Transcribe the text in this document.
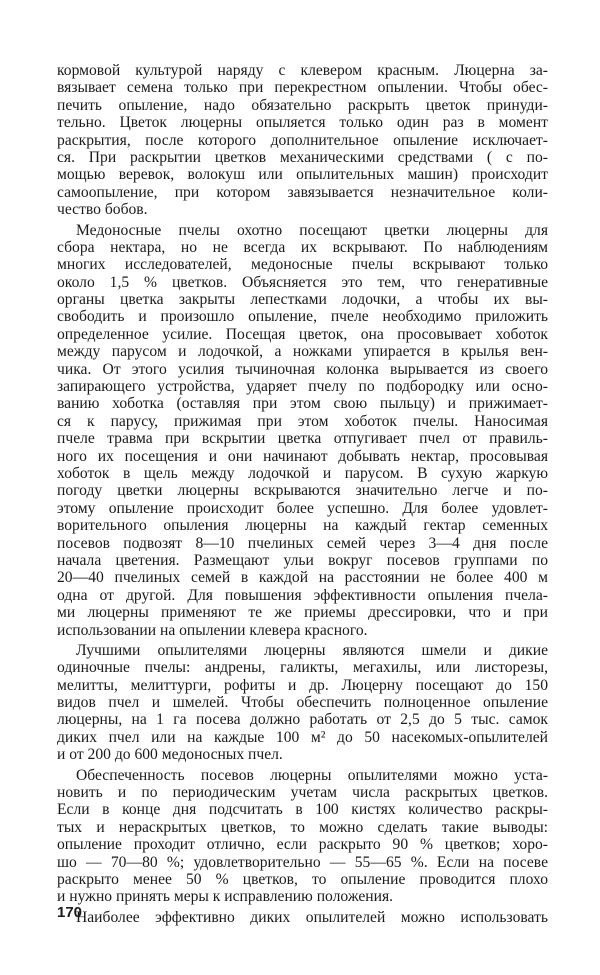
кормовой культурой наряду с клевером красным. Люцерна за-
вязывает семена только при перекрестном опылении. Чтобы обес-
печить опыление, надо обязательно раскрыть цветок принуди-
тельно. Цветок люцерны опыляется только один раз в момент
раскрытия, после которого дополнительное опыление исключает-
ся. При раскрытии цветков механическими средствами ( с по-
мощью веревок, волокуш или опылительных машин) происходит
самоопыление, при котором завязывается незначительное коли-
чество бобов.
Медоносные пчелы охотно посещают цветки люцерны для
сбора нектара, но не всегда их вскрывают. По наблюдениям
многих исследователей, медоносные пчелы вскрывают только
около 1,5 % цветков. Объясняется это тем, что генеративные
органы цветка закрыты лепестками лодочки, а чтобы их вы-
свободить и произошло опыление, пчеле необходимо приложить
определенное усилие. Посещая цветок, она просовывает хоботок
между парусом и лодочкой, а ножками упирается в крылья вен-
чика. От этого усилия тычиночная колонка вырывается из своего
запирающего устройства, ударяет пчелу по подбородку или осно-
ванию хоботка (оставляя при этом свою пыльцу) и прижимает-
ся к парусу, прижимая при этом хоботок пчелы. Наносимая
пчеле травма при вскрытии цветка отпугивает пчел от правиль-
ного их посещения и они начинают добывать нектар, просовывая
хоботок в щель между лодочкой и парусом. В сухую жаркую
погоду цветки люцерны вскрываются значительно легче и по-
этому опыление происходит более успешно. Для более удовлет-
ворительного опыления люцерны на каждый гектар семенных
посевов подвозят 8—10 пчелиных семей через 3—4 дня после
начала цветения. Размещают ульи вокруг посевов группами по
20—40 пчелиных семей в каждой на расстоянии не более 400 м
одна от другой. Для повышения эффективности опыления пчела-
ми люцерны применяют те же приемы дрессировки, что и при
использовании на опылении клевера красного.
Лучшими опылителями люцерны являются шмели и дикие
одиночные пчелы: андрены, галикты, мегахилы, или листорезы,
мелитты, мелиттурги, рофиты и др. Люцерну посещают до 150
видов пчел и шмелей. Чтобы обеспечить полноценное опыление
люцерны, на 1 га посева должно работать от 2,5 до 5 тыс. самок
диких пчел или на каждые 100 м² до 50 насекомых-опылителей
и от 200 до 600 медоносных пчел.
Обеспеченность посевов люцерны опылителями можно уста-
новить и по периодическим учетам числа раскрытых цветков.
Если в конце дня подсчитать в 100 кистях количество раскры-
тых и нераскрытых цветков, то можно сделать такие выводы:
опыление проходит отлично, если раскрыто 90 % цветков; хоро-
шо — 70—80 %; удовлетворительно — 55—65 %. Если на посеве
раскрыто менее 50 % цветков, то опыление проводится плохо
и нужно принять меры к исправлению положения.
Наиболее эффективно диких опылителей можно использовать
170
